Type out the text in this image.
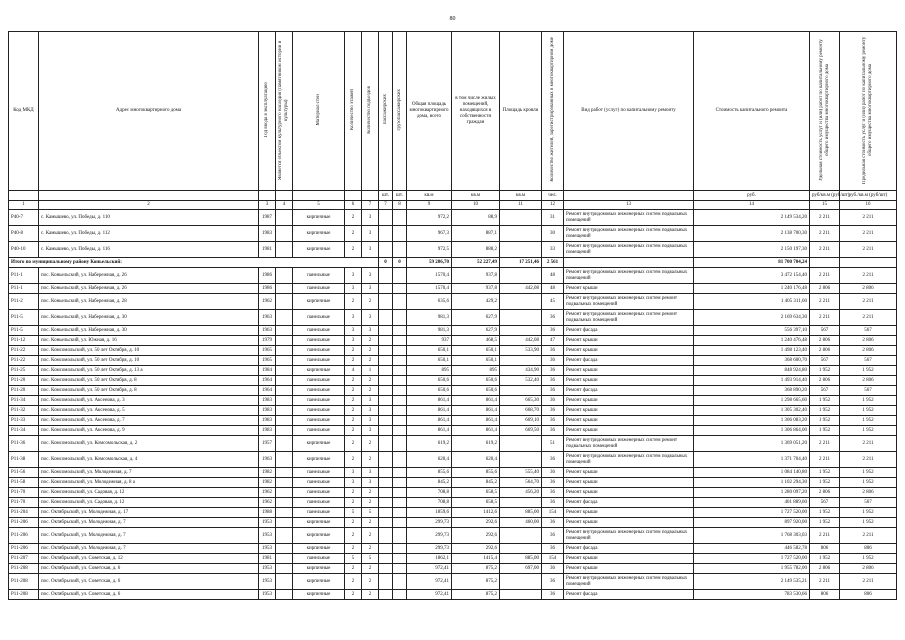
80
Код МКД	Адрес многоквартирного дома	Год ввода в эксплуатацию	Является объектом культурного наследия (памятником истории и культуры)	Материал стен	Количество этажей	Количество подъездов	пассажирских	грузопассажирских	Общая площадь многоквартирного дома, всего	в том числе жилых помещений, находящихся в собственности граждан	Площадь кровли	Количество жителей, зарегистрированных в многоквартирном доме	Вид работ (услуг) по капитальному ремонту	Стоимость капитального ремонта	Удельная стоимость услуг и (или) работ по капитальному ремонту общего имущества многоквартирного дома	Предельная стоимость услуг и (или) работ по капитальному ремонту общего имущества многоквартирного дома
							шт.	шт.	кв.м	кв.м	кв.м	чел.		руб.	руб/кв.м (руб/шт)	руб./кв.м (руб/шт)
1	2	3	4	5	6	7	7	8	9	10	11	12	13	14	15	16
Р40-7	с. Камышево, ул. Победы, д. 110	1987		кирпичные	2	3			972,2	88,9		31	Ремонт внутридомовых инженерных систем подвальных помещений	2 149 534,20	2 211	2 211
Р40-8	с. Камышево, ул. Победы, д. 112	1983		кирпичные	2	3			967,3	887,1		30	Ремонт внутридомовых инженерных систем подвальных помещений	2 138 700,30	2 211	2 211
Р40-10	с. Камышево, ул. Победы, д. 116	1981		кирпичные	2	3			972,5	888,2		33	Ремонт внутридомовых инженерных систем подвальных помещений	2 150 197,30	2 211	2 211
Итого по муниципальному району Коньельский:							0	0	59 286,70	52 227,49	17 251,46	2 561		81 700 704,24		
Р11-1	пос. Коньельский, ул. Набережная, д. 26	1986		панельные	3	3			1570,4	937,8		48	Ремонт внутридомовых инженерных систем подвальных помещений	3 472 154,40	2 211	2 211
Р11-1	пос. Коньельский, ул. Набережная, д. 26	1986		панельные	3	3			1570,4	937,8	442,08	48	Ремонт крыши	1 240 176,48	2 806	2 806
Р11-2	пос. Коньельский, ул. Набережная, д. 28	1962		кирпичные	2	2			635,6	429,2		45	Ремонт внутридомовых инженерных систем ремонт подвальных помещений	1 405 311,60	2 211	2 211
Р11-5	пос. Коньельский, ул. Набережная, д. 30	1963		панельные	3	3			981,3	627,9		36	Ремонт внутридомовых инженерных систем ремонт подвальных помещений	2 169 634,30	2 211	2 211
Р11-5	пос. Коньельский, ул. Набережная, д. 30	1963		панельные	3	3			981,3	627,9		36	Ремонт фасада	556 397,10	567	567
Р11-12	пос. Коньельский, ул. Южная, д. 16	1979		панельные	3	2			937	468,5	442,08	47	Ремонт крыши	1 240 476,48	2 806	2 806
Р11-22	пос. Комсомольский, ул. 50 лет Октября, д. 10	1965		панельные	2	2			650,1	650,1	533,90	36	Ремонт крыши	1 498 123,40	2 806	2 806
Р11-22	пос. Комсомольский, ул. 50 лет Октября, д. 10	1965		панельные	2	2			650,1	650,1		36	Ремонт фасада	368 600,70	567	567
Р11-25	пос. Комсомольский, ул. 50 лет Октября, д. 13 а	1984		кирпичные	4	1			895	895	434,90	36	Ремонт крыши	848 924,80	1 952	1 952
Р11-20	пос. Комсомольский, ул. 50 лет Октября, д. 8	1964		панельные	2	2			650,6	650,6	532,40	36	Ремонт крыши	1 493 914,40	2 806	2 806
Р11-20	пос. Комсомольский, ул. 50 лет Октября, д. 8	1964		панельные	2	2			650,6	650,6		36	Ремонт фасада	368 890,20	567	567
Р11-34	пос. Комсомольский, ул. Аксенова, д. 3	1983		панельные	2	3			861,4	861,4	665,30	36	Ремонт крыши	1 298 665,60	1 952	1 952
Р11-32	пос. Комсомольский, ул. Аксенова, д. 5	1983		панельные	2	3			861,4	861,4	668,70	36	Ремонт крыши	1 305 302,40	1 952	1 952
Р11-33	пос. Комсомольский, ул. Аксенова, д. 7	1983		панельные	2	3			861,4	861,4	669,10	36	Ремонт крыши	1 306 083,20	1 952	1 952
Р11-34	пос. Комсомольский, ул. Аксенова, д. 9	1983		панельные	2	3			861,4	861,4	669,50	36	Ремонт крыши	1 306 864,00	1 952	1 952
Р11-36	пос. Комсомольский, ул. Комсомольская, д. 2	1957		кирпичные	2	2			619,2	619,2		51	Ремонт внутридомовых инженерных систем ремонт подвальных помещений	1 369 051,20	2 211	2 211
Р11-38	пос. Комсомольский, ул. Комсомольская, д. 4	1963		кирпичные	2	2			620,4	620,4		36	Ремонт внутридомовых инженерных систем подвальных помещений	1 371 704,40	2 211	2 211
Р11-56	пос. Комсомольский, ул. Молодежная, д. 7	1982		панельные	3	3			855,6	855,6	555,40	36	Ремонт крыши	1 084 140,80	1 952	1 952
Р11-58	пос. Комсомольский, ул. Молодежная, д. 8 а	1982		панельные	3	3			845,2	845,2	564,70	36	Ремонт крыши	1 102 294,30	1 952	1 952
Р11-70	пос. Комсомольский, ул. Садовая, д. 12	1962		панельные	2	2			708,8	658,5	456,20	36	Ремонт крыши	1 280 097,20	2 806	2 806
Р11-70	пос. Комсомольский, ул. Садовая, д. 12	1962		панельные	2	2			708,8	658,5		36	Ремонт фасада	401 889,60	567	567
Р11-204	пос. Октябрьский, ул. Молодежная, д. 17	1988		панельные	5	5			1859,6	1412,6	885,00	154	Ремонт крыши	1 727 520,00	1 952	1 952
Р11-206	пос. Октябрьский, ул. Молодежная, д. 7	1953		кирпичные	2	2			299,73	292,6	460,00	36	Ремонт крыши	897 920,00	1 952	1 952
Р11-206	пос. Октябрьский, ул. Молодежная, д. 7	1953		кирпичные	2	2			299,73	292,6		36	Ремонт внутридомовых инженерных систем подвальных помещений	1 768 303,03	2 211	2 211
Р11-206	пос. Октябрьский, ул. Молодежная, д. 7	1953		кирпичные	2	2			299,73	292,6		36	Ремонт фасада	446 582,78	806	806
Р11-207	пос. Октябрьский, ул. Советская, д. 12	1981		панельные	5	5			1862,1	1415,4	885,00	154	Ремонт крыши	1 727 520,00	1 952	1 952
Р11-208	пос. Октябрьский, ул. Советская, д. 6	1953		кирпичные	2	2			972,41	875,2	697,00	36	Ремонт крыши	1 955 782,00	2 806	2 806
Р11-208	пос. Октябрьский, ул. Советская, д. 6	1953		кирпичные	2	2			972,41	875,2		36	Ремонт внутридомовых инженерных систем подвальных помещений	2 149 535,21	2 211	2 211
Р11-208	пос. Октябрьский, ул. Советская, д. 6	1953		кирпичные	2	2			972,41	875,2		36	Ремонт фасада	783 530,66	806	806
